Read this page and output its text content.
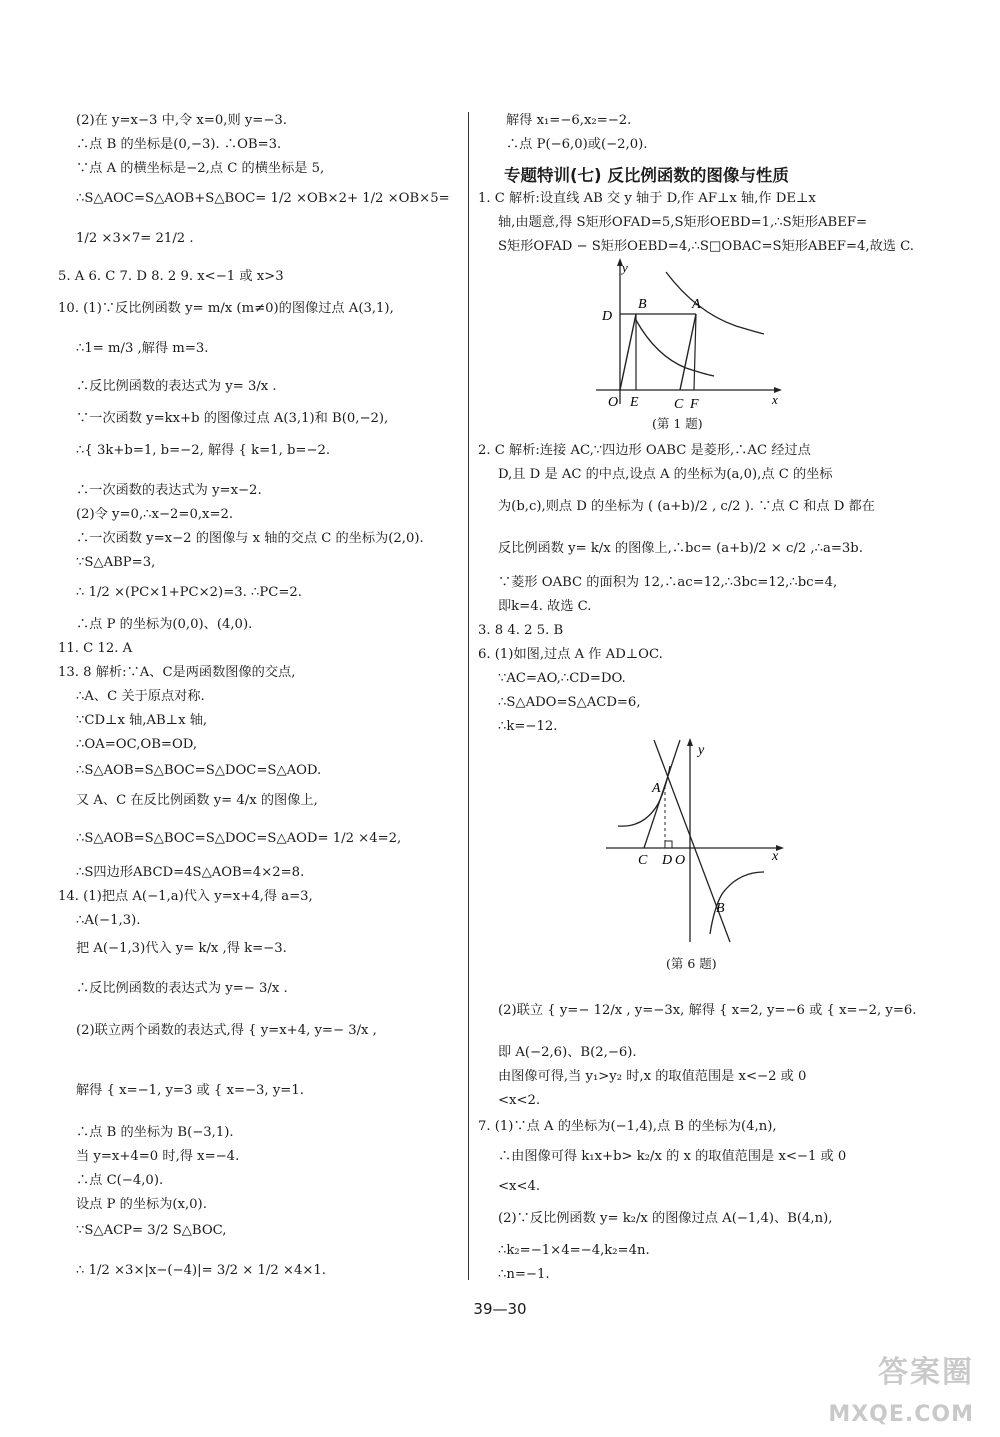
(2)在 y=x−3 中,令 x=0,则 y=−3.
∴点 B 的坐标是(0,−3). ∴OB=3.
∵点 A 的横坐标是−2,点 C 的横坐标是 5,
∴S△AOC=S△AOB+S△BOC= 1/2 ×OB×2+ 1/2 ×OB×5=
1/2 ×3×7= 21/2 .
5. A 6. C 7. D 8. 2 9. x<−1 或 x>3
10. (1)∵反比例函数 y= m/x (m≠0)的图像过点 A(3,1),
∴1= m/3 ,解得 m=3.
∴反比例函数的表达式为 y= 3/x .
∵一次函数 y=kx+b 的图像过点 A(3,1)和 B(0,−2),
∴{ 3k+b=1, b=−2, 解得 { k=1, b=−2.
∴一次函数的表达式为 y=x−2.
(2)令 y=0,∴x−2=0,x=2.
∴一次函数 y=x−2 的图像与 x 轴的交点 C 的坐标为(2,0).
∵S△ABP=3,
∴ 1/2 ×(PC×1+PC×2)=3. ∴PC=2.
∴点 P 的坐标为(0,0)、(4,0).
11. C 12. A
13. 8 解析:∵A、C是两函数图像的交点,
∴A、C 关于原点对称.
∵CD⊥x 轴,AB⊥x 轴,
∴OA=OC,OB=OD,
∴S△AOB=S△BOC=S△DOC=S△AOD.
又 A、C 在反比例函数 y= 4/x 的图像上,
∴S△AOB=S△BOC=S△DOC=S△AOD= 1/2 ×4=2,
∴S四边形ABCD=4S△AOB=4×2=8.
14. (1)把点 A(−1,a)代入 y=x+4,得 a=3,
∴A(−1,3).
把 A(−1,3)代入 y= k/x ,得 k=−3.
∴反比例函数的表达式为 y=− 3/x .
(2)联立两个函数的表达式,得 { y=x+4, y=− 3/x ,
解得 { x=−1, y=3 或 { x=−3, y=1.
∴点 B 的坐标为 B(−3,1).
当 y=x+4=0 时,得 x=−4.
∴点 C(−4,0).
设点 P 的坐标为(x,0).
∵S△ACP= 3/2 S△BOC,
∴ 1/2 ×3×|x−(−4)|= 3/2 × 1/2 ×4×1.
解得 x₁=−6,x₂=−2.
∴点 P(−6,0)或(−2,0).
专题特训(七) 反比例函数的图像与性质
1. C 解析:设直线 AB 交 y 轴于 D,作 AF⊥x 轴,作 DE⊥x
轴,由题意,得 S矩形OFAD=5,S矩形OEBD=1,∴S矩形ABEF=
S矩形OFAD − S矩形OEBD=4,∴S□OBAC=S矩形ABEF=4,故选 C.
2. C 解析:连接 AC,∵四边形 OABC 是菱形,∴AC 经过点
D,且 D 是 AC 的中点,设点 A 的坐标为(a,0),点 C 的坐标
为(b,c),则点 D 的坐标为 ( (a+b)/2 , c/2 ). ∵点 C 和点 D 都在
反比例函数 y= k/x 的图像上,∴bc= (a+b)/2 × c/2 ,∴a=3b.
∵菱形 OABC 的面积为 12,∴ac=12,∴3bc=12,∴bc=4,
即k=4. 故选 C.
3. 8 4. 2 5. B
6. (1)如图,过点 A 作 AD⊥OC.
∵AC=AO,∴CD=DO.
∴S△ADO=S△ACD=6,
∴k=−12.
(2)联立 { y=− 12/x , y=−3x, 解得 { x=2, y=−6 或 { x=−2, y=6.
即 A(−2,6)、B(2,−6).
由图像可得,当 y₁>y₂ 时,x 的取值范围是 x<−2 或 0
<x<2.
7. (1)∵点 A 的坐标为(−1,4),点 B 的坐标为(4,n),
∴由图像可得 k₁x+b> k₂/x 的 x 的取值范围是 x<−1 或 0
<x<4.
(2)∵反比例函数 y= k₂/x 的图像过点 A(−1,4)、B(4,n),
∴k₂=−1×4=−4,k₂=4n.
∴n=−1.
y
x
B	A
D
O E	C F
(第 1 题)
y
x
A
B
C D O
(第 6 题)
39—30
答案圈
MXQE.COM
